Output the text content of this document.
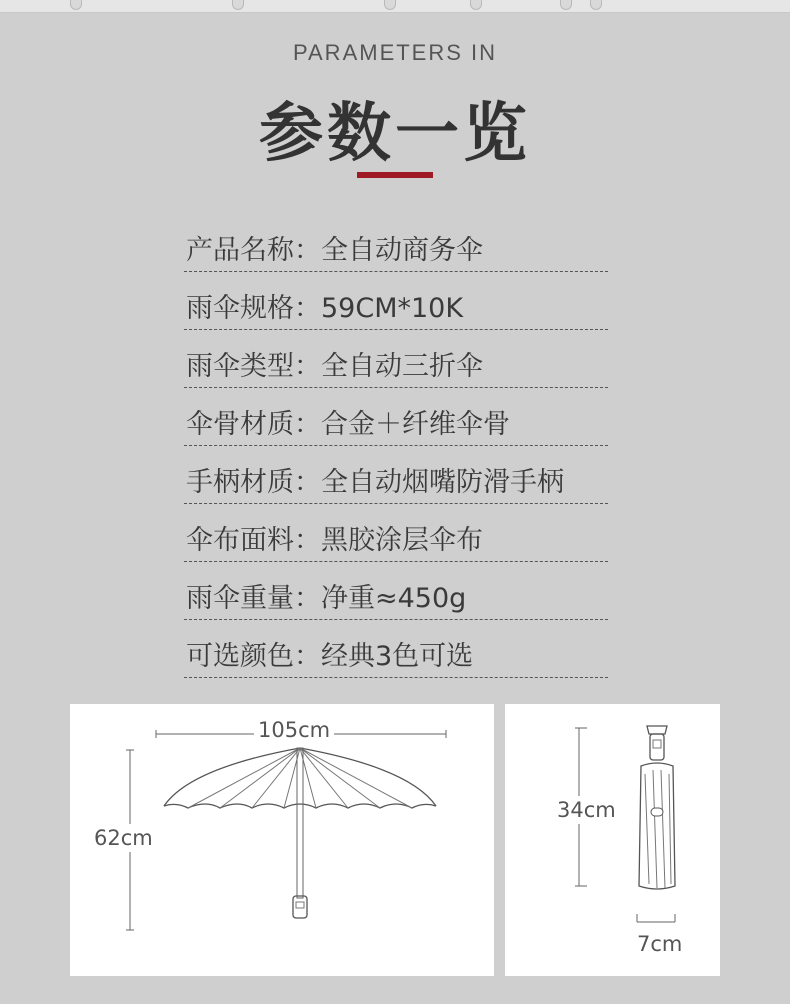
PARAMETERS IN
参数一览
产品名称：全自动商务伞
雨伞规格：59CM*10K
雨伞类型：全自动三折伞
伞骨材质：合金＋纤维伞骨
手柄材质：全自动烟嘴防滑手柄
伞布面料：黑胶涂层伞布
雨伞重量：净重≈450g
可选颜色：经典3色可选
105cm
62cm
34cm
7cm
